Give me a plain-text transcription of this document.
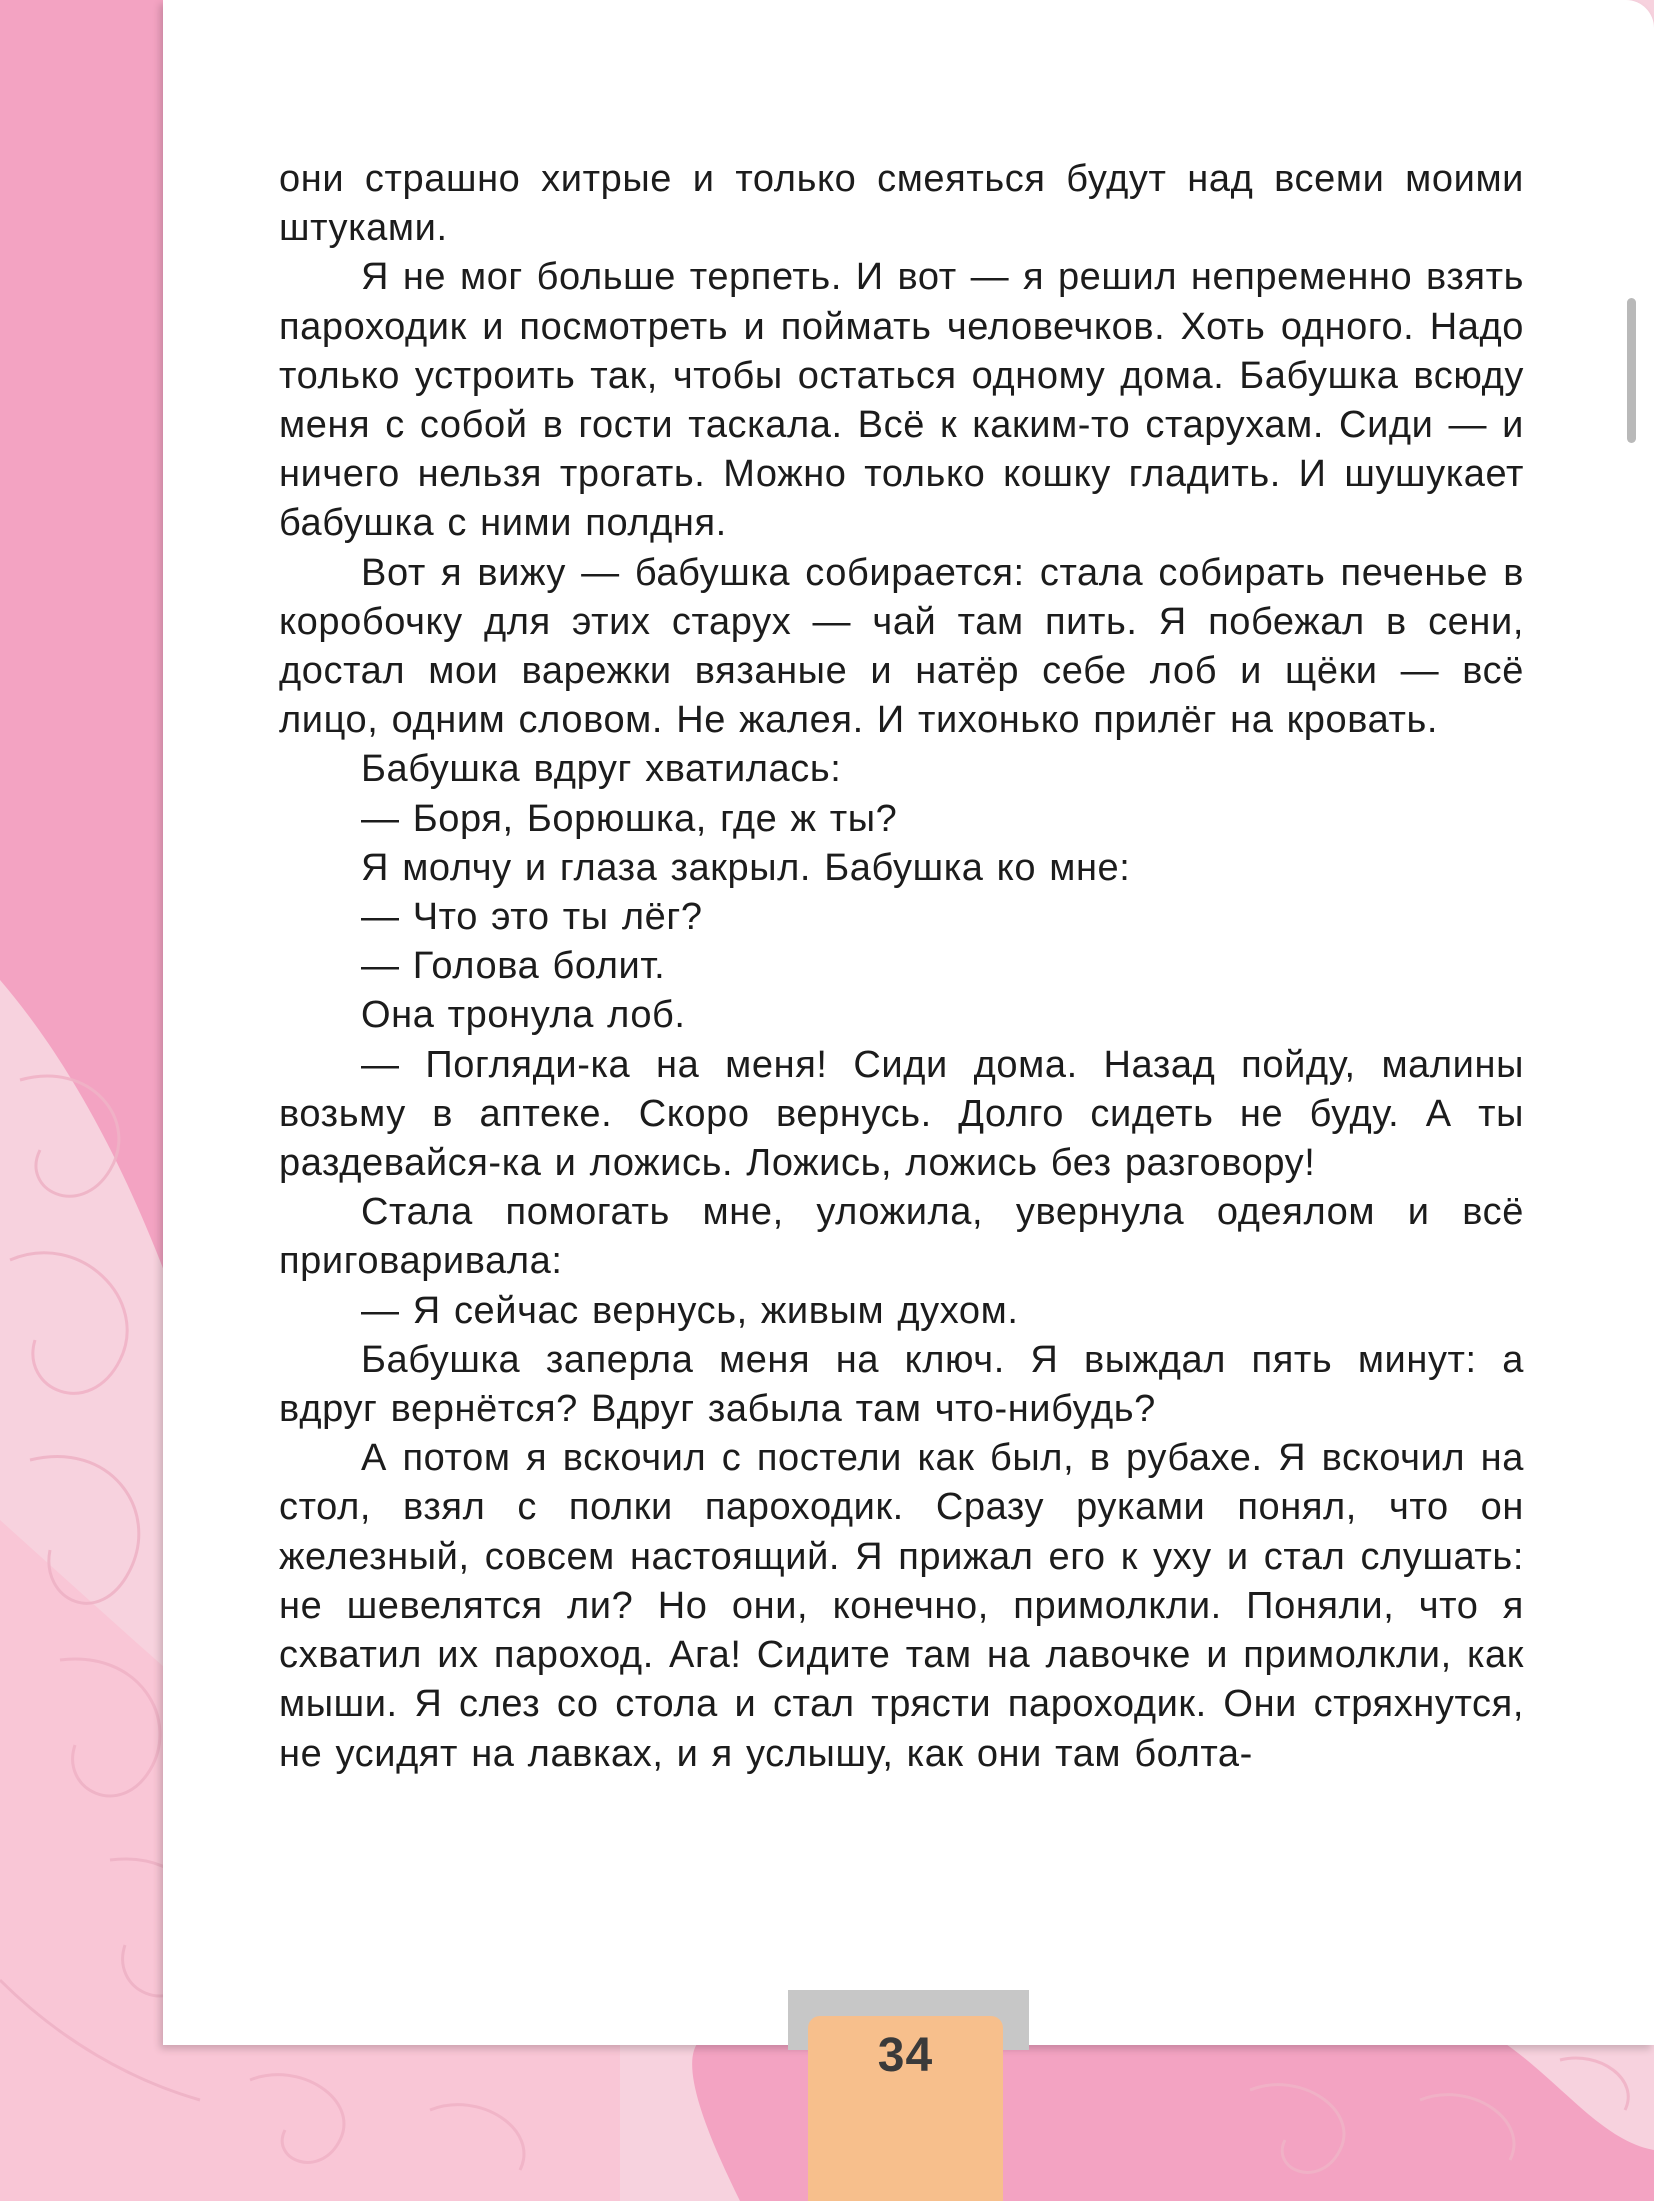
они страшно хитрые и только смеяться будут над всеми моими штуками.

Я не мог больше терпеть. И вот — я решил непременно взять пароходик и посмотреть и поймать человечков. Хоть одного. Надо только устроить так, чтобы остаться одному дома. Бабушка всюду меня с собой в гости таскала. Всё к каким-то старухам. Сиди — и ничего нельзя трогать. Можно только кошку гладить. И шушукает бабушка с ними полдня.

Вот я вижу — бабушка собирается: стала собирать печенье в коробочку для этих старух — чай там пить. Я побежал в сени, достал мои варежки вязаные и натёр себе лоб и щёки — всё лицо, одним словом. Не жалея. И тихонько прилёг на кровать.

Бабушка вдруг хватилась:

— Боря, Борюшка, где ж ты?

Я молчу и глаза закрыл. Бабушка ко мне:

— Что это ты лёг?

— Голова болит.

Она тронула лоб.

— Погляди-ка на меня! Сиди дома. Назад пойду, малины возьму в аптеке. Скоро вернусь. Долго сидеть не буду. А ты раздевайся-ка и ложись. Ложись, ложись без разговору!

Стала помогать мне, уложила, увернула одеялом и всё приговаривала:

— Я сейчас вернусь, живым духом.

Бабушка заперла меня на ключ. Я выждал пять минут: а вдруг вернётся? Вдруг забыла там что-нибудь?

А потом я вскочил с постели как был, в рубахе. Я вскочил на стол, взял с полки пароходик. Сразу руками понял, что он железный, совсем настоящий. Я прижал его к уху и стал слушать: не шевелятся ли? Но они, конечно, примолкли. Поняли, что я схватил их пароход. Ага! Сидите там на лавочке и примолкли, как мыши. Я слез со стола и стал трясти пароходик. Они стряхнутся, не усидят на лавках, и я услышу, как они там болта-

34
